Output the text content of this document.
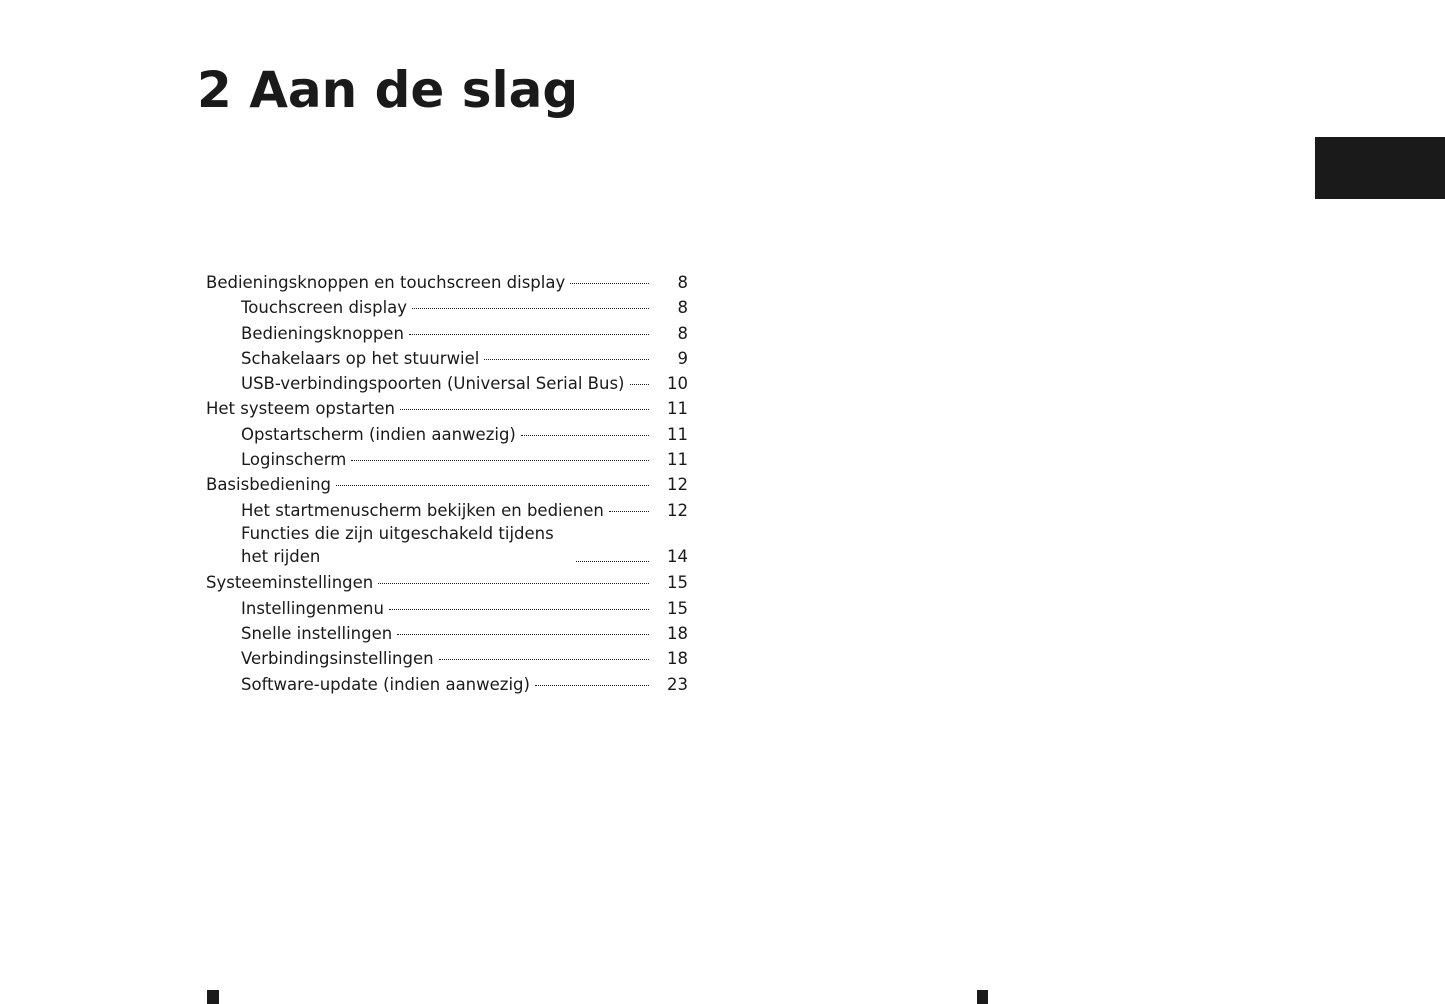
2 Aan de slag
Bedieningsknoppen en touchscreen display	8
Touchscreen display	8
Bedieningsknoppen	8
Schakelaars op het stuurwiel	9
USB-verbindingspoorten (Universal Serial Bus)	10
Het systeem opstarten	11
Opstartscherm (indien aanwezig)	11
Loginscherm	11
Basisbediening	12
Het startmenuscherm bekijken en bedienen	12
Functies die zijn uitgeschakeld tijdens het rijden	14
Systeeminstellingen	15
Instellingenmenu	15
Snelle instellingen	18
Verbindingsinstellingen	18
Software-update (indien aanwezig)	23
